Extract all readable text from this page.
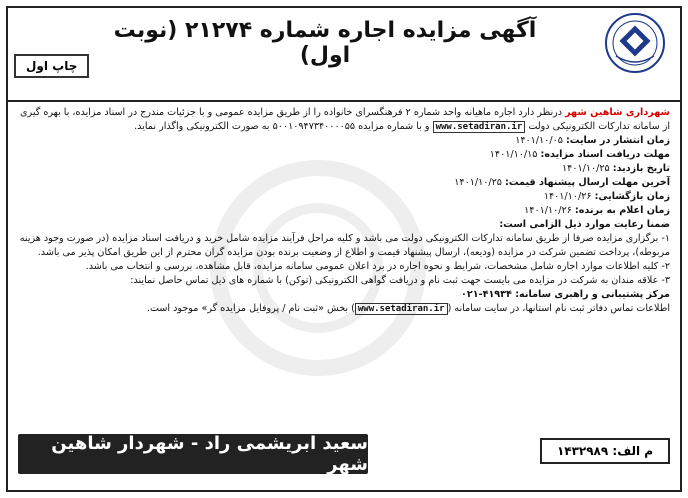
آگهی مزایده اجاره شماره ۲۱۲۷۴ (نوبت اول)
چاپ اول

شهرداری شاهین شهر درنظر دارد اجاره ماهیانه واحد شماره ۲ فرهنگسرای خانواده را از طریق مزایده عمومی و با جزئیات مندرج در اسناد مزایده، با بهره گیری از سامانه تدارکات الکترونیکی دولت www.setadiran.ir و با شماره مزایده ۵۰۰۱۰۹۴۷۳۴۰۰۰۰۵۵ به صورت الکترونیکی واگذار نماید.

زمان انتشار در سایت: ۱۴۰۱/۱۰/۰۵

مهلت دریافت اسناد مزایده: ۱۴۰۱/۱۰/۱۵

تاریخ بازدید: ۱۴۰۱/۱۰/۲۵

آخرین مهلت ارسال پیشنهاد قیمت: ۱۴۰۱/۱۰/۲۵

زمان بازگشایی: ۱۴۰۱/۱۰/۲۶

زمان اعلام به برنده: ۱۴۰۱/۱۰/۲۶

ضمنا رعایت موارد ذیل الزامی است:

۱- برگزاری مزایده صرفا از طریق سامانه تدارکات الکترونیکی دولت می باشد و کلیه مراحل فرآیند مزایده شامل خرید و دریافت اسناد مزایده (در صورت وجود هزینه مربوطه)، پرداخت تضمین شرکت در مزایده (ودیعه)، ارسال پیشنهاد قیمت و اطلاع از وضعیت برنده بودن مزایده گران محترم از این طریق امکان پذیر می باشد.

۲- کلیه اطلاعات موارد اجاره شامل مشخصات، شرایط و نحوه اجاره در برد اعلان عمومی سامانه مزایده، قابل مشاهده، بررسی و انتخاب می باشد.

۳- علاقه مندان به شرکت در مزایده می بایست جهت ثبت نام و دریافت گواهی الکترونیکی (توکن) با شماره های ذیل تماس حاصل نمایند:

مرکز پشتیبانی و راهبری سامانه: ۴۱۹۳۴-۰۲۱

اطلاعات تماس دفاتر ثبت نام استانها، در سایت سامانه (www.setadiran.ir) بخش «ثبت نام / پروفایل مزایده گر» موجود است.

سعید ابریشمی راد - شهردار شاهین شهر
م الف: ۱۴۳۲۹۸۹
